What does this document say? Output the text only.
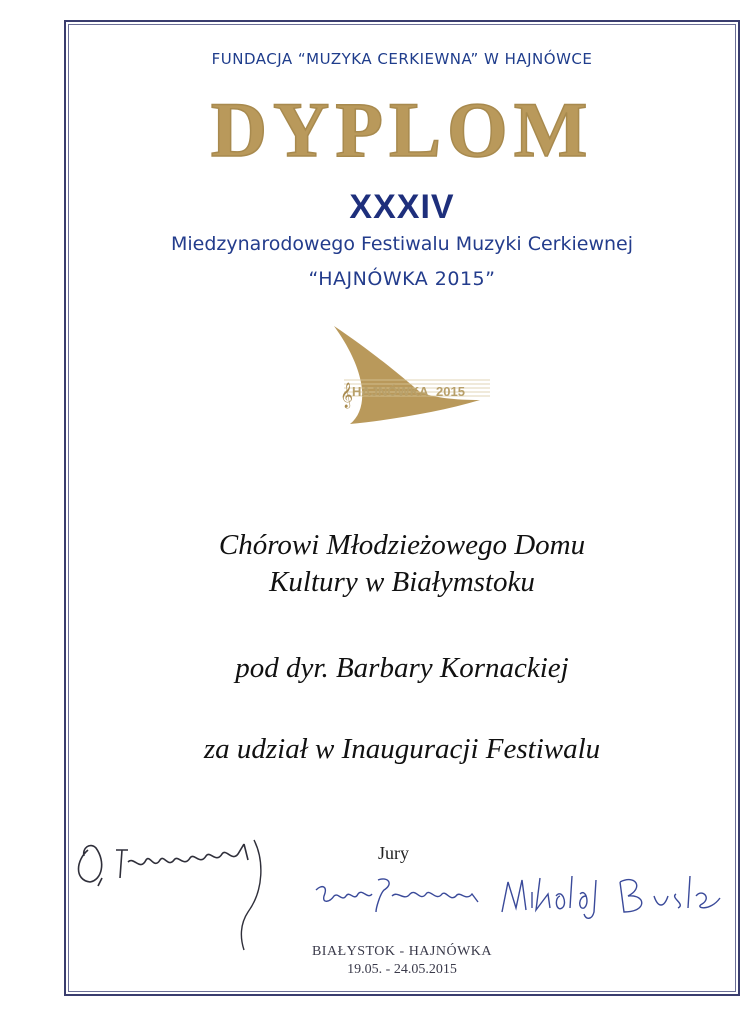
FUNDACJA “MUZYKA CERKIEWNA” W HAJNÓWCE
DYPLOM
XXXIV
Miedzynarodowego Festiwalu Muzyki Cerkiewnej
“HAJNÓWKA 2015”
𝄞
HAJNÓWKA 2015
Chórowi Młodzieżowego Domu
Kultury w Białymstoku
pod dyr. Barbary Kornackiej
za udział w Inauguracji Festiwalu
Jury
BIAŁYSTOK - HAJNÓWKA
19.05. - 24.05.2015
